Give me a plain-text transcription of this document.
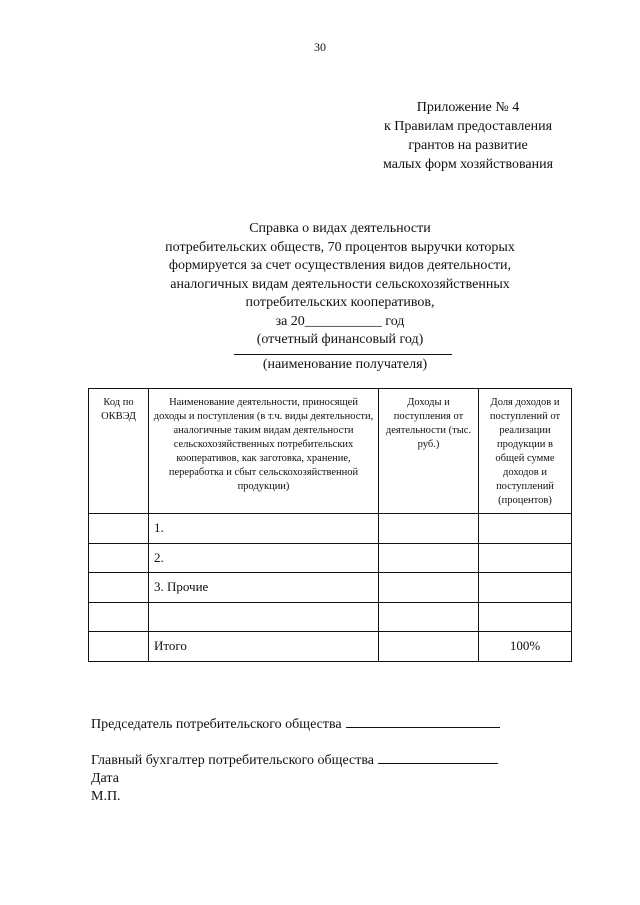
30
Приложение № 4
к Правилам предоставления
грантов на развитие
малых форм хозяйствования
Справка о видах деятельности
потребительских обществ, 70 процентов выручки которых
формируется за счет осуществления видов деятельности,
аналогичных видам деятельности сельскохозяйственных
потребительских кооперативов,
за 20___________ год
(отчетный финансовый год)
(наименование получателя)
Код по ОКВЭД	Наименование деятельности, приносящей доходы и поступления (в т.ч. виды деятельности, аналогичные таким видам деятельности сельскохозяйственных потребительских кооперативов, как заготовка, хранение, переработка и сбыт сельскохозяйственной продукции)	Доходы и поступления от деятельности (тыс. руб.)	Доля доходов и поступлений от реализации продукции в общей сумме доходов и поступлений (процентов)
	1.		
	2.		
	3. Прочие		

	Итого		100%
Председатель потребительского общества
Главный бухгалтер потребительского общества
Дата
М.П.
